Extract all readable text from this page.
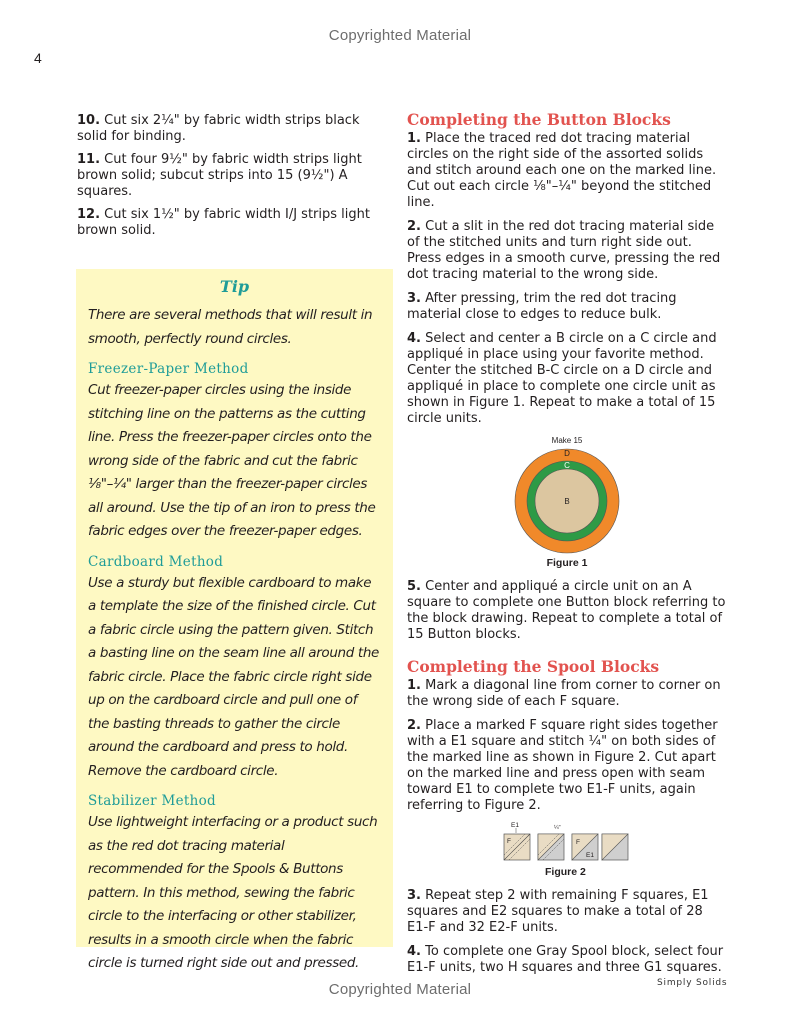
Copyrighted Material
4

10. Cut six 2¼" by fabric width strips black solid for binding.

11. Cut four 9½" by fabric width strips light brown solid; subcut strips into 15 (9½") A squares.

12. Cut six 1½" by fabric width I/J strips light brown solid.

Tip

There are several methods that will result in smooth, perfectly round circles.

Freezer-Paper Method

Cut freezer-paper circles using the inside stitching line on the patterns as the cutting line. Press the freezer-paper circles onto the wrong side of the fabric and cut the fabric ⅛"–¼" larger than the freezer-paper circles all around. Use the tip of an iron to press the fabric edges over the freezer-paper edges.

Cardboard Method

Use a sturdy but flexible cardboard to make a template the size of the finished circle. Cut a fabric circle using the pattern given. Stitch a basting line on the seam line all around the fabric circle. Place the fabric circle right side up on the cardboard circle and pull one of the basting threads to gather the circle around the cardboard and press to hold. Remove the cardboard circle.

Stabilizer Method

Use lightweight interfacing or a product such as the red dot tracing material recommended for the Spools & Buttons pattern. In this method, sewing the fabric circle to the interfacing or other stabilizer, results in a smooth circle when the fabric circle is turned right side out and pressed.

Completing the Button Blocks

1. Place the traced red dot tracing material circles on the right side of the assorted solids and stitch around each one on the marked line. Cut out each circle ⅛"–¼" beyond the stitched line.

2. Cut a slit in the red dot tracing material side of the stitched units and turn right side out. Press edges in a smooth curve, pressing the red dot tracing material to the wrong side.

3. After pressing, trim the red dot tracing material close to edges to reduce bulk.

4. Select and center a B circle on a C circle and appliqué in place using your favorite method. Center the stitched B-C circle on a D circle and appliqué in place to complete one circle unit as shown in Figure 1. Repeat to make a total of 15 circle units.

Make 15
D
C
B

Figure 1

5. Center and appliqué a circle unit on an A square to complete one Button block referring to the block drawing. Repeat to complete a total of 15 Button blocks.

Completing the Spool Blocks

1. Mark a diagonal line from corner to corner on the wrong side of each F square.

2. Place a marked F square right sides together with a E1 square and stitch ¼" on both sides of the marked line as shown in Figure 2. Cut apart on the marked line and press open with seam toward E1 to complete two E1-F units, again referring to Figure 2.

F
E1	¼"
F
E1

Figure 2

3. Repeat step 2 with remaining F squares, E1 squares and E2 squares to make a total of 28 E1-F and 32 E2-F units.

4. To complete one Gray Spool block, select four E1-F units, two H squares and three G1 squares.

Simply Solids
Copyrighted Material
